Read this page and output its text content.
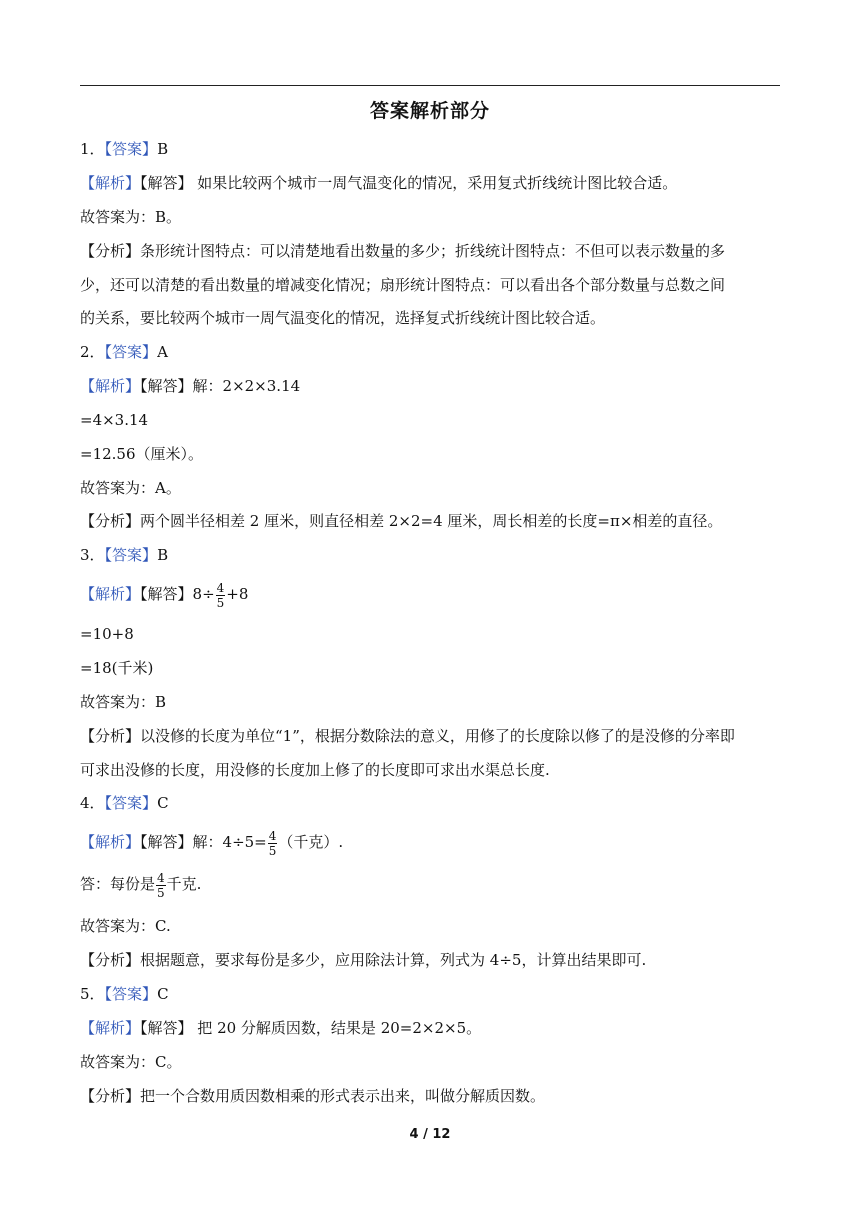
答案解析部分
1．【答案】B
【解析】【解答】 如果比较两个城市一周气温变化的情况，采用复式折线统计图比较合适。
故答案为：B。
【分析】条形统计图特点：可以清楚地看出数量的多少；折线统计图特点：不但可以表示数量的多
少，还可以清楚的看出数量的增减变化情况；扇形统计图特点：可以看出各个部分数量与总数之间
的关系，要比较两个城市一周气温变化的情况，选择复式折线统计图比较合适。
2．【答案】A
【解析】【解答】解：2×2×3.14
=4×3.14
=12.56（厘米）。
故答案为：A。
【分析】两个圆半径相差 2 厘米，则直径相差 2×2=4 厘米，周长相差的长度=π×相差的直径。
3．【答案】B
【解析】【解答】$8\div \frac{4}{5} +8$
=10+8
=18(千米)
故答案为：B
【分析】以没修的长度为单位“1”，根据分数除法的意义，用修了的长度除以修了的是没修的分率即
可求出没修的长度，用没修的长度加上修了的长度即可求出水渠总长度.
4．【答案】C
【解析】【解答】解：$4\div 5= \frac{4}{5}$ （千克）.
答：每份是 $\frac{4}{5}$ 千克.
故答案为：C.
【分析】根据题意，要求每份是多少，应用除法计算，列式为 4÷5，计算出结果即可.
5．【答案】C
【解析】【解答】 把 20 分解质因数，结果是 20=2×2×5。
故答案为：C。
【分析】把一个合数用质因数相乘的形式表示出来，叫做分解质因数。
4 / 12
